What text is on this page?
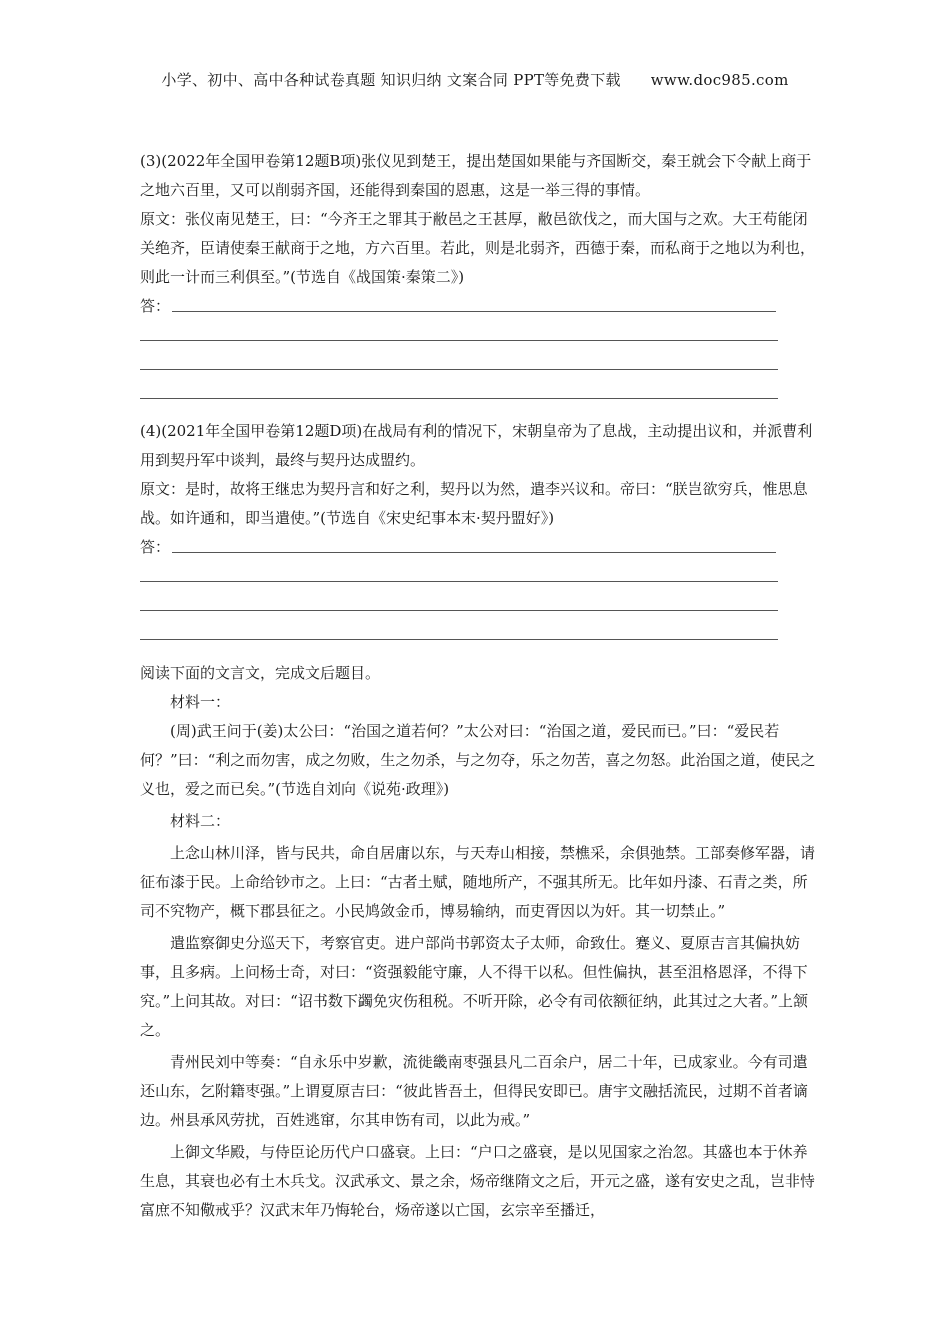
小学、初中、高中各种试卷真题 知识归纳 文案合同 PPT等免费下载 www.doc985.com

(3)(2022年全国甲卷第12题B项)张仪见到楚王，提出楚国如果能与齐国断交，秦王就会下令献上商于之地六百里，又可以削弱齐国，还能得到秦国的恩惠，这是一举三得的事情。

原文：张仪南见楚王，曰：“今齐王之罪其于敝邑之王甚厚，敝邑欲伐之，而大国与之欢。大王苟能闭关绝齐，臣请使秦王献商于之地，方六百里。若此，则是北弱齐，西德于秦，而私商于之地以为利也，则此一计而三利俱至。”(节选自《战国策·秦策二》)

答：

(4)(2021年全国甲卷第12题D项)在战局有利的情况下，宋朝皇帝为了息战，主动提出议和，并派曹利用到契丹军中谈判，最终与契丹达成盟约。

原文：是时，故将王继忠为契丹言和好之利，契丹以为然，遣李兴议和。帝曰：“朕岂欲穷兵，惟思息战。如许通和，即当遣使。”(节选自《宋史纪事本末·契丹盟好》)

答：

阅读下面的文言文，完成文后题目。

材料一：

(周)武王问于(姜)太公曰：“治国之道若何？”太公对曰：“治国之道，爱民而已。”曰：“爱民若何？”曰：“利之而勿害，成之勿败，生之勿杀，与之勿夺，乐之勿苦，喜之勿怒。此治国之道，使民之义也，爱之而已矣。”(节选自刘向《说苑·政理》)

材料二：

上念山林川泽，皆与民共，命自居庸以东，与天寿山相接，禁樵采，余俱弛禁。工部奏修军器，请征布漆于民。上命给钞市之。上曰：“古者土赋，随地所产，不强其所无。比年如丹漆、石青之类，所司不究物产，概下郡县征之。小民鸠敛金币，博易输纳，而吏胥因以为奸。其一切禁止。”

遣监察御史分巡天下，考察官吏。进户部尚书郭资太子太师，命致仕。蹇义、夏原吉言其偏执妨事，且多病。上问杨士奇，对曰：“资强毅能守廉，人不得干以私。但性偏执，甚至沮格恩泽，不得下究。”上问其故。对曰：“诏书数下蠲免灾伤租税。不听开除，必令有司依额征纳，此其过之大者。”上颔之。

青州民刘中等奏：“自永乐中岁歉，流徙畿南枣强县凡二百余户，居二十年，已成家业。今有司遣还山东，乞附籍枣强。”上谓夏原吉曰：“彼此皆吾土，但得民安即已。唐宇文融括流民，过期不首者谪边。州县承风劳扰，百姓逃窜，尔其申饬有司，以此为戒。”

上御文华殿，与侍臣论历代户口盛衰。上曰：“户口之盛衰，是以见国家之治忽。其盛也本于休养生息，其衰也必有土木兵戈。汉武承文、景之余，炀帝继隋文之后，开元之盛，遂有安史之乱，岂非恃富庶不知儆戒乎？汉武末年乃悔轮台，炀帝遂以亡国，玄宗辛至播迁，
